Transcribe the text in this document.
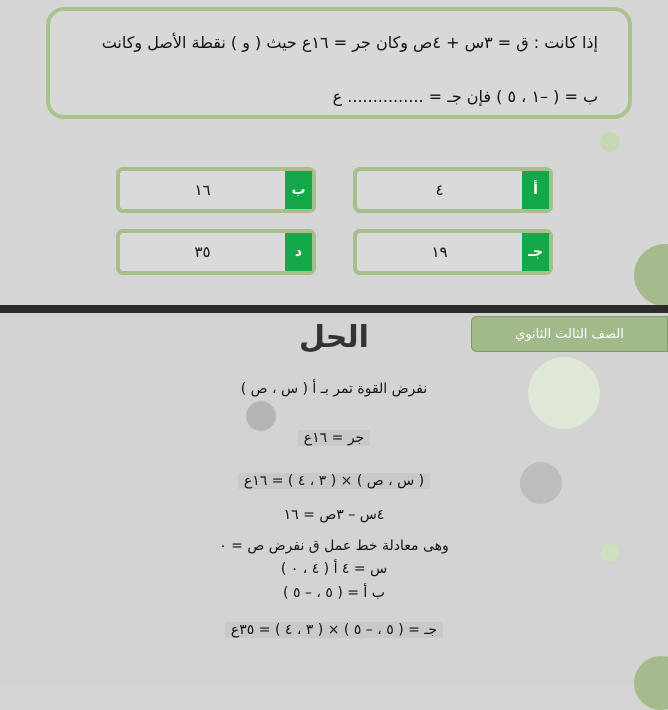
إذا كانت : ق = ٣س + ٤ص وكان جر = ١٦ع حيث ( و ) نقطة الأصل وكانت
ب = ( –١ ، ٥ ) فإن جـ = ............... ع
أ
٤
ب
١٦
جـ
١٩
د
٣٥
الصف الثالث الثانوي
الحل
نفرض القوة تمر بـ أ ( س ، ص )
جر = ١٦ع
( س ، ص ) × ( ٣ ، ٤ ) = ١٦ع
٤س – ٣ص = ١٦
وهى معادلة خط عمل ق نفرض ص = ٠
س = ٤ أ ( ٤ ، ٠ )
ب أ = ( ٥ ، – ٥ )
جـ = ( ٥ ، – ٥ ) × ( ٣ ، ٤ ) = ٣٥ع
